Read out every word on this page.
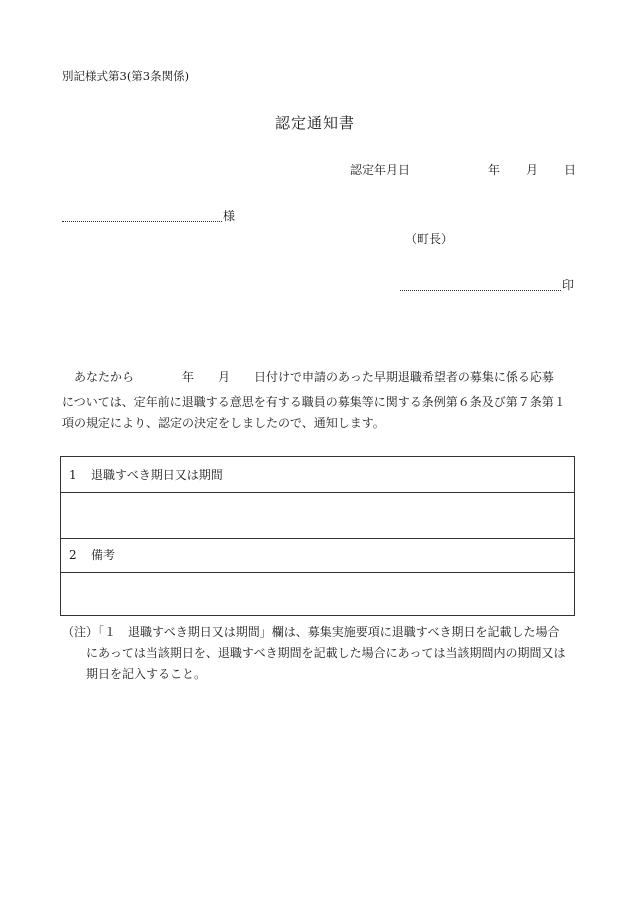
別記様式第3(第3条関係)
認定通知書
認定年月日	年 月 日
様
（町長）
印
あなたから	年 月 日付けで申請のあった早期退職希望者の募集に係る応募
については、定年前に退職する意思を有する職員の募集等に関する条例第６条及び第７条第１
項の規定により、認定の決定をしましたので、通知します。
1 退職すべき期日又は期間
2 備考
（注）「１　退職すべき期日又は期間」欄は、募集実施要項に退職すべき期日を記載した場合
にあっては当該期日を、退職すべき期間を記載した場合にあっては当該期間内の期間又は
期日を記入すること。
